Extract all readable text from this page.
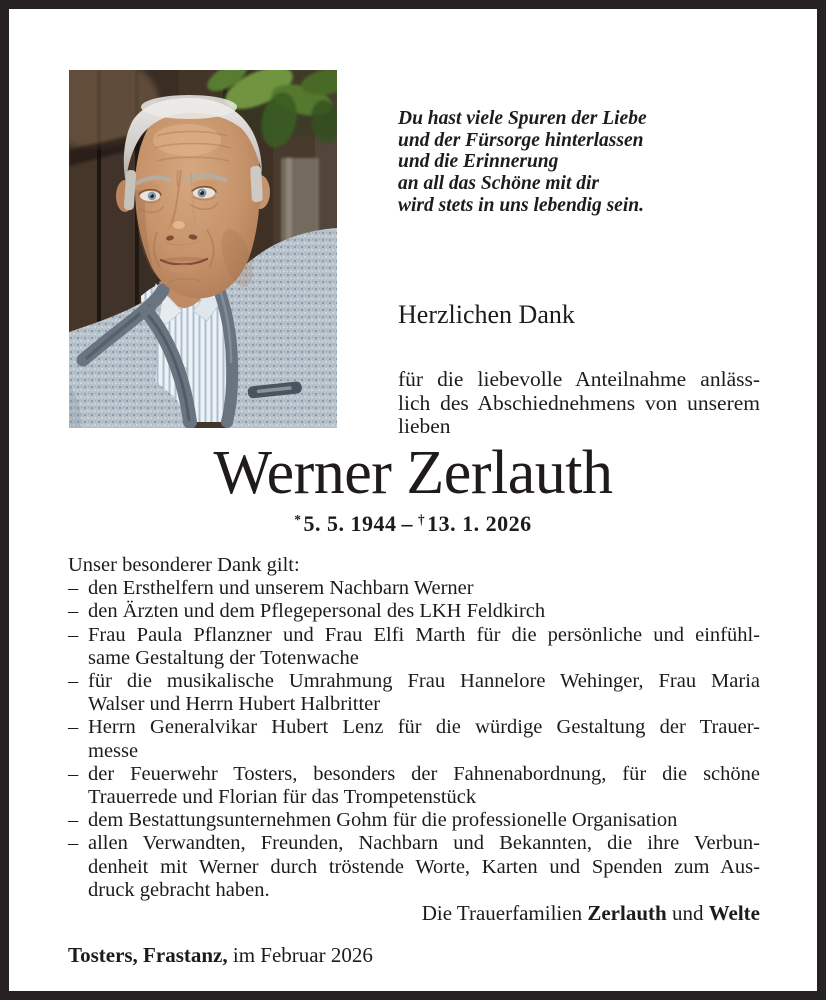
Du hast viele Spuren der Liebe
und der Fürsorge hinterlassen
und die Erinnerung
an all das Schöne mit dir
wird stets in uns lebendig sein.
Herzlichen Dank
für die liebevolle Anteilnahme anläss-
lich des Abschiednehmens von unserem
lieben
Werner Zerlauth
*5. 5. 1944 – †13. 1. 2026

Unser besonderer Dank gilt:

– den Ersthelfern und unserem Nachbarn Werner
– den Ärzten und dem Pflegepersonal des LKH Feldkirch
– Frau Paula Pflanzner und Frau Elfi Marth für die persönliche und einfühl-
same Gestaltung der Totenwache
– für die musikalische Umrahmung Frau Hannelore Wehinger, Frau Maria
Walser und Herrn Hubert Halbritter
– Herrn Generalvikar Hubert Lenz für die würdige Gestaltung der Trauer-
messe
– der Feuerwehr Tosters, besonders der Fahnenabordnung, für die schöne
Trauerrede und Florian für das Trompetenstück
– dem Bestattungsunternehmen Gohm für die professionelle Organisation
– allen Verwandten, Freunden, Nachbarn und Bekannten, die ihre Verbun-
denheit mit Werner durch tröstende Worte, Karten und Spenden zum Aus-
druck gebracht haben.
Die Trauerfamilien Zerlauth und Welte
Tosters, Frastanz, im Februar 2026
